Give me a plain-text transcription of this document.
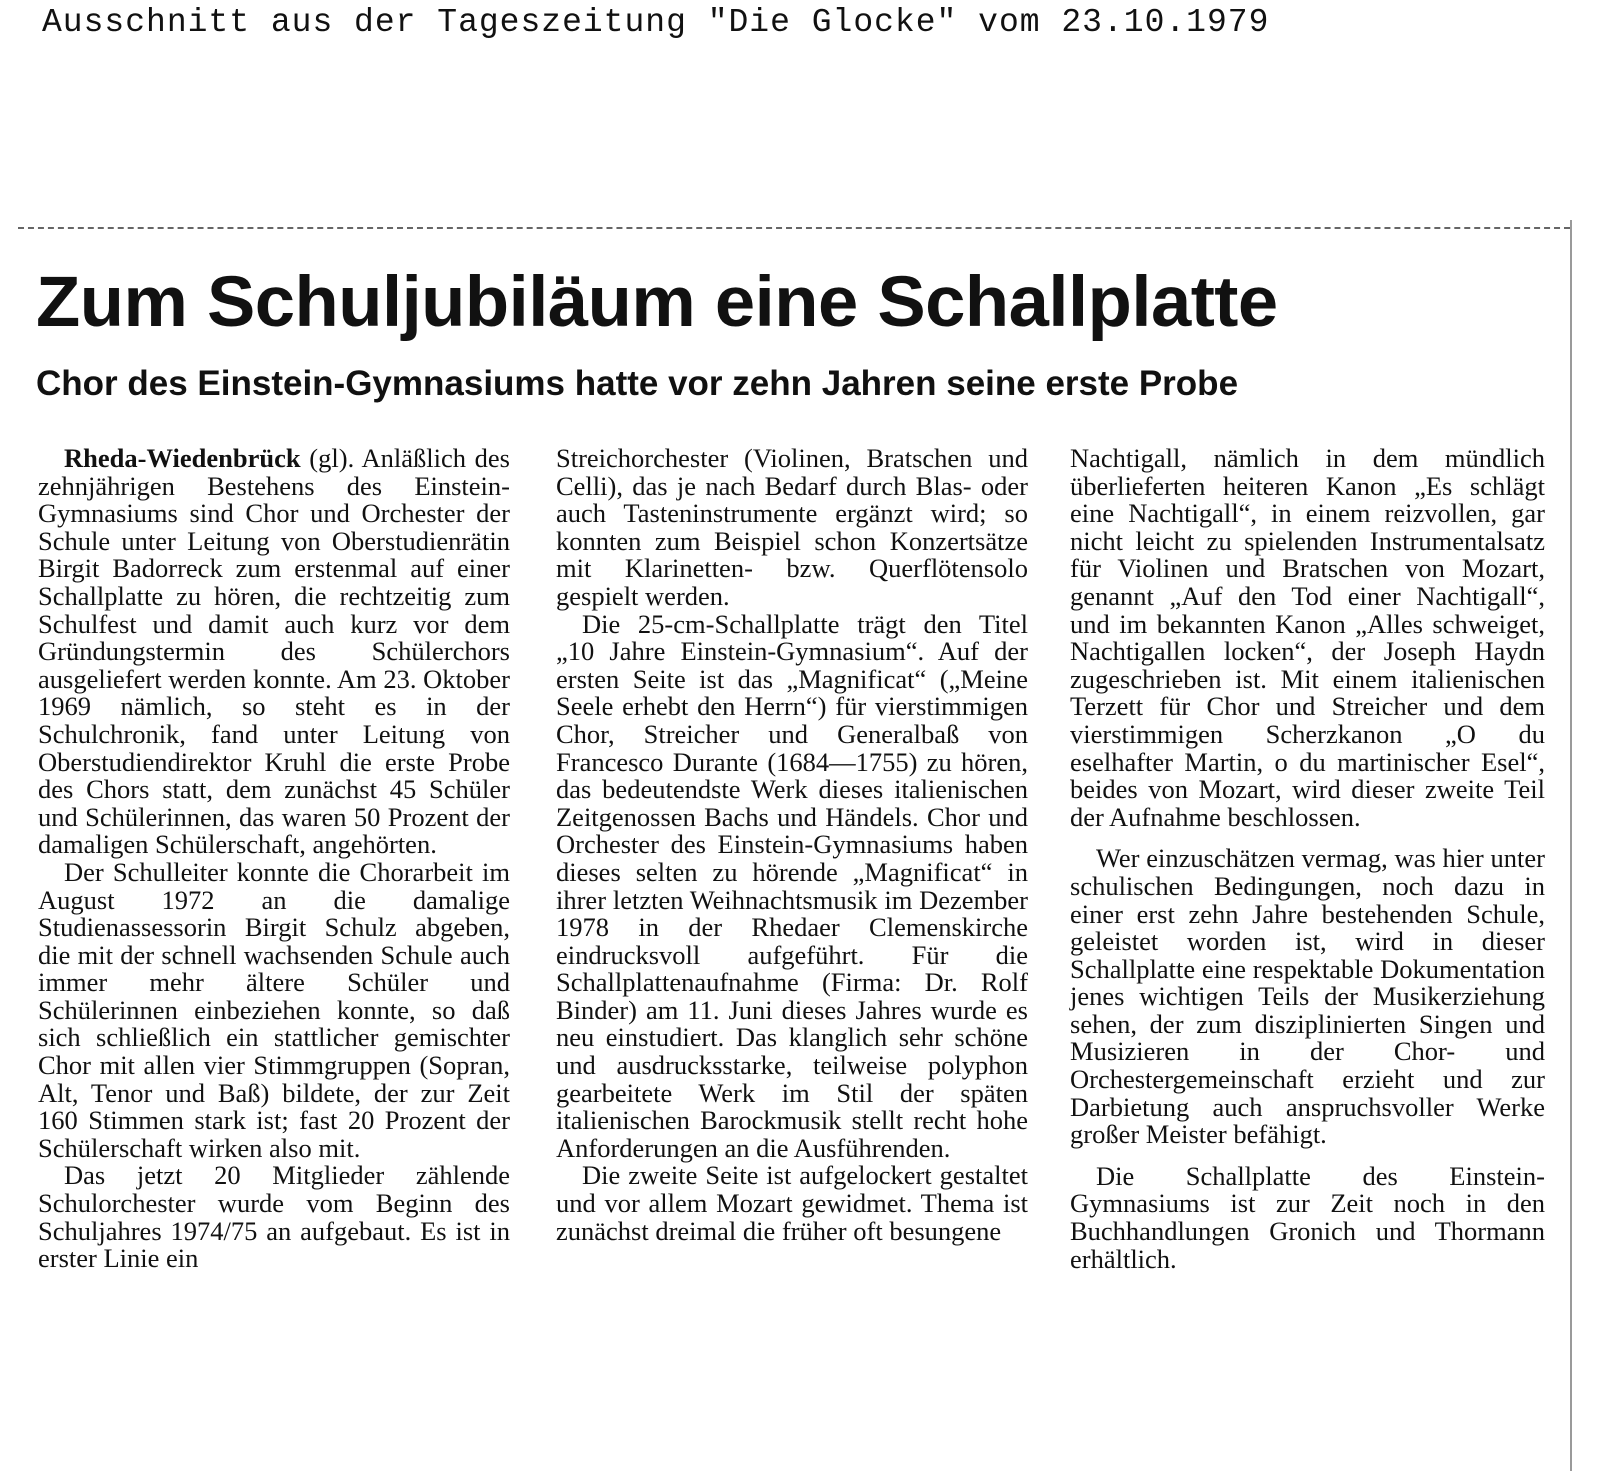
Ausschnitt aus der Tageszeitung "Die Glocke" vom 23.10.1979
Zum Schuljubiläum eine Schallplatte
Chor des Einstein-Gymnasiums hatte vor zehn Jahren seine erste Probe

Rheda-Wiedenbrück (gl). Anläßlich des zehnjährigen Bestehens des Einstein-Gymnasiums sind Chor und Orchester der Schule unter Leitung von Oberstudienrätin Birgit Badorreck zum erstenmal auf einer Schallplatte zu hören, die rechtzeitig zum Schulfest und damit auch kurz vor dem Gründungstermin des Schülerchors ausgeliefert werden konnte. Am 23. Oktober 1969 nämlich, so steht es in der Schulchronik, fand unter Leitung von Oberstudiendirektor Kruhl die erste Probe des Chors statt, dem zunächst 45 Schüler und Schülerinnen, das waren 50 Prozent der damaligen Schülerschaft, angehörten.

Der Schulleiter konnte die Chorarbeit im August 1972 an die damalige Studienassessorin Birgit Schulz abgeben, die mit der schnell wachsenden Schule auch immer mehr ältere Schüler und Schülerinnen einbeziehen konnte, so daß sich schließlich ein stattlicher gemischter Chor mit allen vier Stimmgruppen (Sopran, Alt, Tenor und Baß) bildete, der zur Zeit 160 Stimmen stark ist; fast 20 Prozent der Schülerschaft wirken also mit.

Das jetzt 20 Mitglieder zählende Schulorchester wurde vom Beginn des Schuljahres 1974/75 an aufgebaut. Es ist in erster Linie ein

Streichorchester (Violinen, Bratschen und Celli), das je nach Bedarf durch Blas- oder auch Tasteninstrumente ergänzt wird; so konnten zum Beispiel schon Konzertsätze mit Klarinetten- bzw. Querflötensolo gespielt werden.

Die 25-cm-Schallplatte trägt den Titel „10 Jahre Einstein-Gymnasium“. Auf der ersten Seite ist das „Magnificat“ („Meine Seele erhebt den Herrn“) für vierstimmigen Chor, Streicher und Generalbaß von Francesco Durante (1684—1755) zu hören, das bedeutendste Werk dieses italienischen Zeitgenossen Bachs und Händels. Chor und Orchester des Einstein-Gymnasiums haben dieses selten zu hörende „Magnificat“ in ihrer letzten Weihnachtsmusik im Dezember 1978 in der Rhedaer Clemenskirche eindrucksvoll aufgeführt. Für die Schallplattenaufnahme (Firma: Dr. Rolf Binder) am 11. Juni dieses Jahres wurde es neu einstudiert. Das klanglich sehr schöne und ausdrucksstarke, teilweise polyphon gearbeitete Werk im Stil der späten italienischen Barockmusik stellt recht hohe Anforderungen an die Ausführenden.

Die zweite Seite ist aufgelockert gestaltet und vor allem Mozart gewidmet. Thema ist zunächst dreimal die früher oft besungene

Nachtigall, nämlich in dem mündlich überlieferten heiteren Kanon „Es schlägt eine Nachtigall“, in einem reizvollen, gar nicht leicht zu spielenden Instrumentalsatz für Violinen und Bratschen von Mozart, genannt „Auf den Tod einer Nachtigall“, und im bekannten Kanon „Alles schweiget, Nachtigallen locken“, der Joseph Haydn zugeschrieben ist. Mit einem italienischen Terzett für Chor und Streicher und dem vierstimmigen Scherzkanon „O du eselhafter Martin, o du martinischer Esel“, beides von Mozart, wird dieser zweite Teil der Aufnahme beschlossen.

Wer einzuschätzen vermag, was hier unter schulischen Bedingungen, noch dazu in einer erst zehn Jahre bestehenden Schule, geleistet worden ist, wird in dieser Schallplatte eine respektable Dokumentation jenes wichtigen Teils der Musikerziehung sehen, der zum disziplinierten Singen und Musizieren in der Chor- und Orchestergemeinschaft erzieht und zur Darbietung auch anspruchsvoller Werke großer Meister befähigt.

Die Schallplatte des Einstein-Gymnasiums ist zur Zeit noch in den Buchhandlungen Gronich und Thormann erhältlich.
